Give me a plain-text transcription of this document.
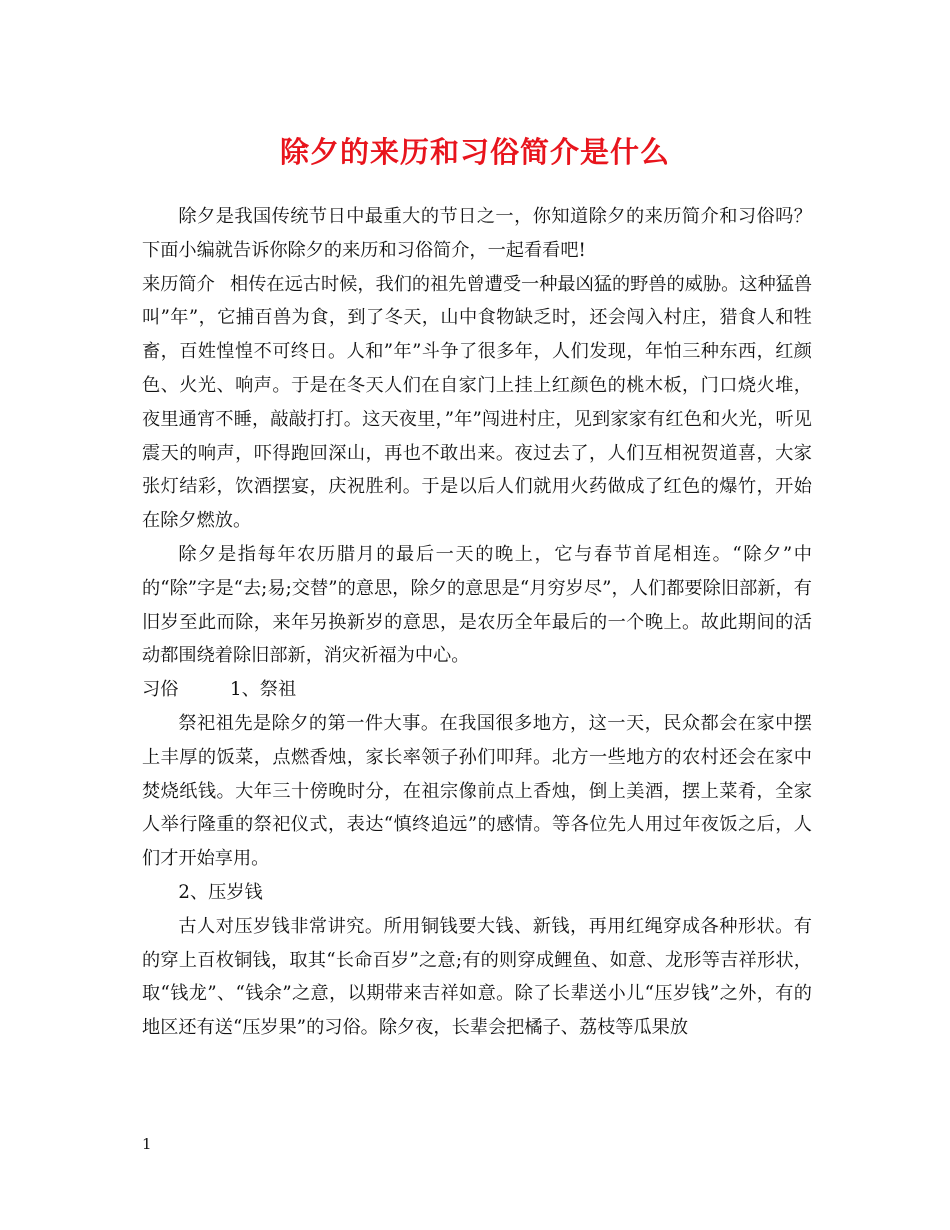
除夕的来历和习俗简介是什么

除夕是我国传统节日中最重大的节日之一，你知道除夕的来历简介和习俗吗？下面小编就告诉你除夕的来历和习俗简介，一起看看吧!

来历简介 相传在远古时候，我们的祖先曾遭受一种最凶猛的野兽的威胁。这种猛兽叫”年”，它捕百兽为食，到了冬天，山中食物缺乏时，还会闯入村庄，猎食人和牲畜，百姓惶惶不可终日。人和”年”斗争了很多年，人们发现，年怕三种东西，红颜色、火光、响声。于是在冬天人们在自家门上挂上红颜色的桃木板，门口烧火堆，夜里通宵不睡，敲敲打打。这天夜里，”年”闯进村庄，见到家家有红色和火光，听见震天的响声，吓得跑回深山，再也不敢出来。夜过去了，人们互相祝贺道喜，大家张灯结彩，饮酒摆宴，庆祝胜利。于是以后人们就用火药做成了红色的爆竹，开始在除夕燃放。

除夕是指每年农历腊月的最后一天的晚上，它与春节首尾相连。“除夕”中的“除”字是“去;易;交替”的意思，除夕的意思是“月穷岁尽”，人们都要除旧部新，有旧岁至此而除，来年另换新岁的意思，是农历全年最后的一个晚上。故此期间的活动都围绕着除旧部新，消灾祈福为中心。

习俗	1、祭祖

祭祀祖先是除夕的第一件大事。在我国很多地方，这一天，民众都会在家中摆上丰厚的饭菜，点燃香烛，家长率领子孙们叩拜。北方一些地方的农村还会在家中焚烧纸钱。大年三十傍晚时分，在祖宗像前点上香烛，倒上美酒，摆上菜肴，全家人举行隆重的祭祀仪式，表达“慎终追远”的感情。等各位先人用过年夜饭之后，人们才开始享用。

2、压岁钱

古人对压岁钱非常讲究。所用铜钱要大钱、新钱，再用红绳穿成各种形状。有的穿上百枚铜钱，取其“长命百岁”之意;有的则穿成鲤鱼、如意、龙形等吉祥形状，取“钱龙”、“钱余”之意，以期带来吉祥如意。除了长辈送小儿“压岁钱”之外，有的地区还有送“压岁果”的习俗。除夕夜，长辈会把橘子、荔枝等瓜果放

1
